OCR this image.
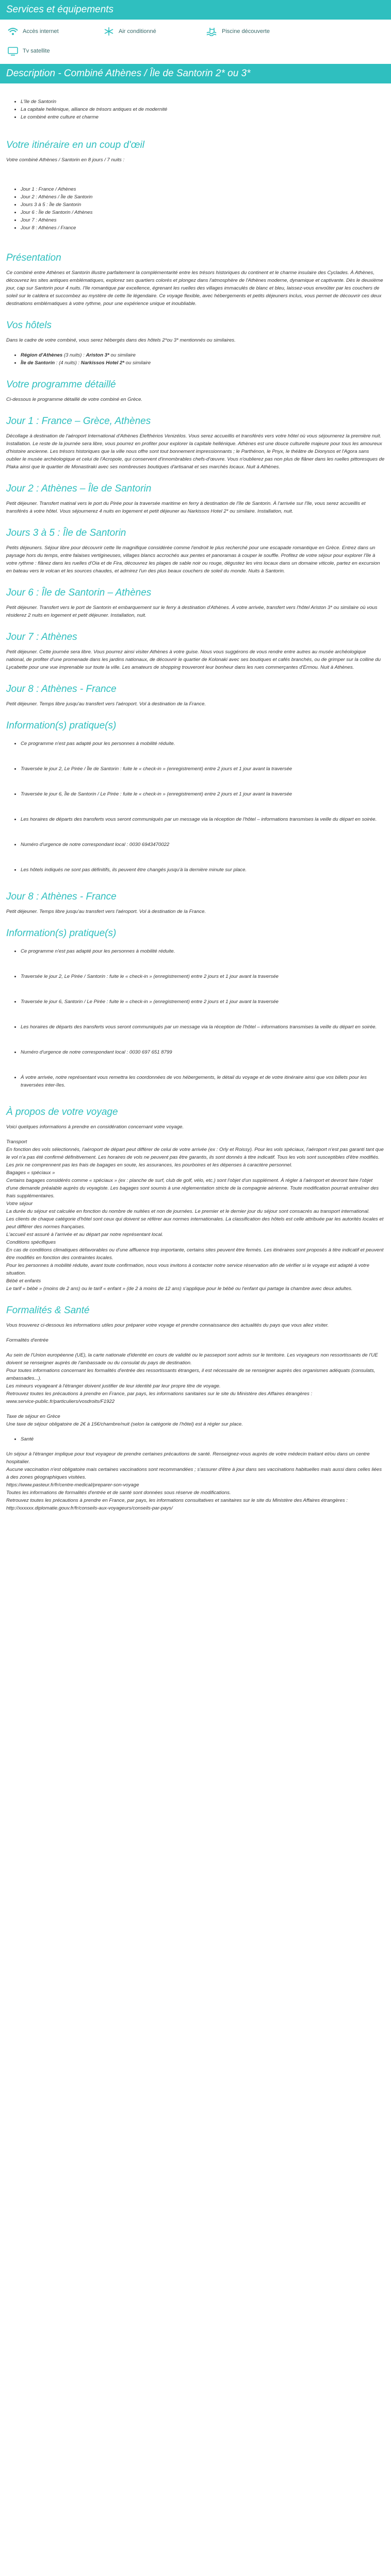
Services et équipements
Accès internet	Air conditionné	Piscine découverte
Tv satellite
Description - Combiné Athènes / Île de Santorin 2* ou 3*
• L'île de Santorin
• La capitale hellénique, alliance de trésors antiques et de modernité
• Le combiné entre culture et charme
Votre itinéraire en un coup d'œil

Votre combiné Athènes / Santorin en 8 jours / 7 nuits :

• Jour 1 : France / Athènes
• Jour 2 : Athènes / Île de Santorin
• Jours 3 à 5 : Île de Santorin
• Jour 6 : Île de Santorin / Athènes
• Jour 7 : Athènes
• Jour 8 : Athènes / France
Présentation

Ce combiné entre Athènes et Santorin illustre parfaitement la complémentarité entre les trésors historiques du continent et le charme insulaire des Cyclades. À Athènes, découvrez les sites antiques emblématiques, explorez ses quartiers colorés et plongez dans l'atmosphère de l'Athènes moderne, dynamique et captivante. Dès le deuxième jour, cap sur Santorin pour 4 nuits. l'île romantique par excellence, égrenant les ruelles des villages immaculés de blanc et bleu, laissez-vous envoûter par les couchers de soleil sur le caldera et succombez au mystère de cette île légendaire. Ce voyage flexible, avec hébergements et petits déjeuners inclus, vous permet de découvrir ces deux destinations emblématiques à votre rythme, pour une expérience unique et inoubliable.

Vos hôtels

Dans le cadre de votre combiné, vous serez hébergés dans des hôtels 2*ou 3* mentionnés ou similaires.

• Région d'Athènes (3 nuits) : Ariston 3* ou similaire
• Île de Santorin : (4 nuits) : Narkissos Hotel 2* ou similaire
Votre programme détaillé

Ci-dessous le programme détaillé de votre combiné en Grèce.

Jour 1 : France – Grèce, Athènes

Décollage à destination de l'aéroport International d'Athènes Elefthérios Venizélos. Vous serez accueillis et transférés vers votre hôtel où vous séjournerez la première nuit. Installation. Le reste de la journée sera libre, vous pourrez en profiter pour explorer la capitale hellénique. Athènes est une douce culturelle majeure pour tous les amoureux d'histoire ancienne. Les trésors historiques que la ville nous offre sont tout bonnement impressionnants ; le Parthénon, le Pnyx, le théâtre de Dionysos et l'Agora sans oublier le musée archéologique et celui de l'Acropole, qui conservent d'innombrables chefs-d'œuvre. Vous n'oublierez pas non plus de flâner dans les ruelles pittoresques de Plaka ainsi que le quartier de Monastiraki avec ses nombreuses boutiques d'artisanat et ses marchés locaux. Nuit à Athènes.

Jour 2 : Athènes – Île de Santorin

Petit déjeuner. Transfert matinal vers le port du Pirée pour la traversée maritime en ferry à destination de l'île de Santorin. À l'arrivée sur l'île, vous serez accueillis et transférés à votre hôtel. Vous séjournerez 4 nuits en logement et petit déjeuner au Narkissos Hotel 2* ou similaire. Installation, nuit.

Jours 3 à 5 : Île de Santorin

Petits déjeuners. Séjour libre pour découvrir cette île magnifique considérée comme l'endroit le plus recherché pour une escapade romantique en Grèce. Entrez dans un paysage hors du temps, entre falaises vertigineuses, villages blancs accrochés aux pentes et panoramas à couper le souffle. Profitez de votre séjour pour explorer l'île à votre rythme : flânez dans les ruelles d'Oia et de Fira, découvrez les plages de sable noir ou rouge, dégustez les vins locaux dans un domaine viticole, partez en excursion en bateau vers le volcan et les sources chaudes, et admirez l'un des plus beaux couchers de soleil du monde. Nuits à Santorin.

Jour 6 : Île de Santorin – Athènes

Petit déjeuner. Transfert vers le port de Santorin et embarquement sur le ferry à destination d'Athènes. À votre arrivée, transfert vers l'hôtel Ariston 3* ou similaire où vous résiderez 2 nuits en logement et petit déjeuner. Installation, nuit.

Jour 7 : Athènes

Petit déjeuner. Cette journée sera libre. Vous pourrez ainsi visiter Athènes à votre guise. Nous vous suggérons de vous rendre entre autres au musée archéologique national, de profiter d'une promenade dans les jardins nationaux, de découvrir le quartier de Kolonaki avec ses boutiques et cafés branchés, ou de grimper sur la colline du Lycabette pour une vue imprenable sur toute la ville. Les amateurs de shopping trouveront leur bonheur dans les rues commerçantes d'Ermou. Nuit à Athènes.

Jour 8 : Athènes - France

Petit déjeuner. Temps libre jusqu'au transfert vers l'aéroport. Vol à destination de la France.

Information(s) pratique(s)
• Ce programme n'est pas adapté pour les personnes à mobilité réduite.
• Traversée le jour 2, Le Pirée / Île de Santorin : fuite le « check-in » (enregistrement) entre 2 jours et 1 jour avant la traversée
• Traversée le jour 6, Île de Santorin / Le Pirée : fuite le « check-in » (enregistrement) entre 2 jours et 1 jour avant la traversée
• Les horaires de départs des transferts vous seront communiqués par un message via la réception de l'hôtel – informations transmises la veille du départ en soirée.
• Numéro d'urgence de notre correspondant local : 0030 6943470022
• Les hôtels indiqués ne sont pas définitifs, ils peuvent être changés jusqu'à la dernière minute sur place.
Jour 8 : Athènes - France

Petit déjeuner. Temps libre jusqu'au transfert vers l'aéroport. Vol à destination de la France.

Information(s) pratique(s)
• Ce programme n'est pas adapté pour les personnes à mobilité réduite.
• Traversée le jour 2, Le Pirée / Santorin : fuite le « check-in » (enregistrement) entre 2 jours et 1 jour avant la traversée
• Traversée le jour 6, Santorin / Le Pirée : fuite le « check-in » (enregistrement) entre 2 jours et 1 jour avant la traversée
• Les horaires de départs des transferts vous seront communiqués par un message via la réception de l'hôtel – informations transmises la veille du départ en soirée.
• Numéro d'urgence de notre correspondant local : 0030 697 651 8799
• À votre arrivée, notre représentant vous remettra les coordonnées de vos hébergements, le détail du voyage et de votre itinéraire ainsi que vos billets pour les traversées inter-îles.
À propos de votre voyage

Voici quelques informations à prendre en considération concernant votre voyage.

Transport

En fonction des vols sélectionnés, l'aéroport de départ peut différer de celui de votre arrivée (ex : Orly et Roissy). Pour les vols spéciaux, l'aéroport n'est pas garanti tant que le vol n'a pas été confirmé définitivement. Les horaires de vols ne peuvent pas être garantis, ils sont donnés à titre indicatif. Tous les vols sont susceptibles d'être modifiés.

Les prix ne comprennent pas les frais de bagages en soute, les assurances, les pourboires et les dépenses à caractère personnel.

Bagages « spéciaux »

Certains bagages considérés comme « spéciaux » (ex : planche de surf, club de golf, vélo, etc.) sont l'objet d'un supplément. À régler à l'aéroport et devront faire l'objet d'une demande préalable auprès du voyagiste. Les bagages sont soumis à une réglementation stricte de la compagnie aérienne. Toute modification pourrait entraîner des frais supplémentaires.

Votre séjour

La durée du séjour est calculée en fonction du nombre de nuitées et non de journées. Le premier et le dernier jour du séjour sont consacrés au transport international.

Les clients de chaque catégorie d'hôtel sont ceux qui doivent se référer aux normes internationales. La classification des hôtels est celle attribuée par les autorités locales et peut différer des normes françaises.

L'accueil est assuré à l'arrivée et au départ par notre représentant local.

Conditions spécifiques

En cas de conditions climatiques défavorables ou d'une affluence trop importante, certains sites peuvent être fermés. Les itinéraires sont proposés à titre indicatif et peuvent être modifiés en fonction des contraintes locales.

Pour les personnes à mobilité réduite, avant toute confirmation, nous vous invitons à contacter notre service réservation afin de vérifier si le voyage est adapté à votre situation.

Bébé et enfants

Le tarif « bébé » (moins de 2 ans) ou le tarif « enfant » (de 2 à moins de 12 ans) s'applique pour le bébé ou l'enfant qui partage la chambre avec deux adultes.

Formalités & Santé

Vous trouverez ci-dessous les informations utiles pour préparer votre voyage et prendre connaissance des actualités du pays que vous allez visiter.

Formalités d'entrée

Au sein de l'Union européenne (UE), la carte nationale d'identité en cours de validité ou le passeport sont admis sur le territoire. Les voyageurs non ressortissants de l'UE doivent se renseigner auprès de l'ambassade ou du consulat du pays de destination.

Pour toutes informations concernant les formalités d'entrée des ressortissants étrangers, il est nécessaire de se renseigner auprès des organismes adéquats (consulats, ambassades...).

Les mineurs voyageant à l'étranger doivent justifier de leur identité par leur propre titre de voyage.

Retrouvez toutes les précautions à prendre en France, par pays, les informations sanitaires sur le site du Ministère des Affaires étrangères :

www.service-public.fr/particuliers/vosdroits/F1922

Taxe de séjour en Grèce

Une taxe de séjour obligatoire de 2€ à 15€/chambre/nuit (selon la catégorie de l'hôtel) est à régler sur place.

• Santé

Un séjour à l'étranger implique pour tout voyageur de prendre certaines précautions de santé. Renseignez-vous auprès de votre médecin traitant et/ou dans un centre hospitalier.

Aucune vaccination n'est obligatoire mais certaines vaccinations sont recommandées ; s'assurer d'être à jour dans ses vaccinations habituelles mais aussi dans celles liées à des zones géographiques visitées.

https://www.pasteur.fr/fr/centre-medical/preparer-son-voyage

Toutes les informations de formalités d'entrée et de santé sont données sous réserve de modifications.

Retrouvez toutes les précautions à prendre en France, par pays, les informations consultatives et sanitaires sur le site du Ministère des Affaires étrangères :

http://xxxxxx.diplomatie.gouv.fr/fr/conseils-aux-voyageurs/conseils-par-pays/
